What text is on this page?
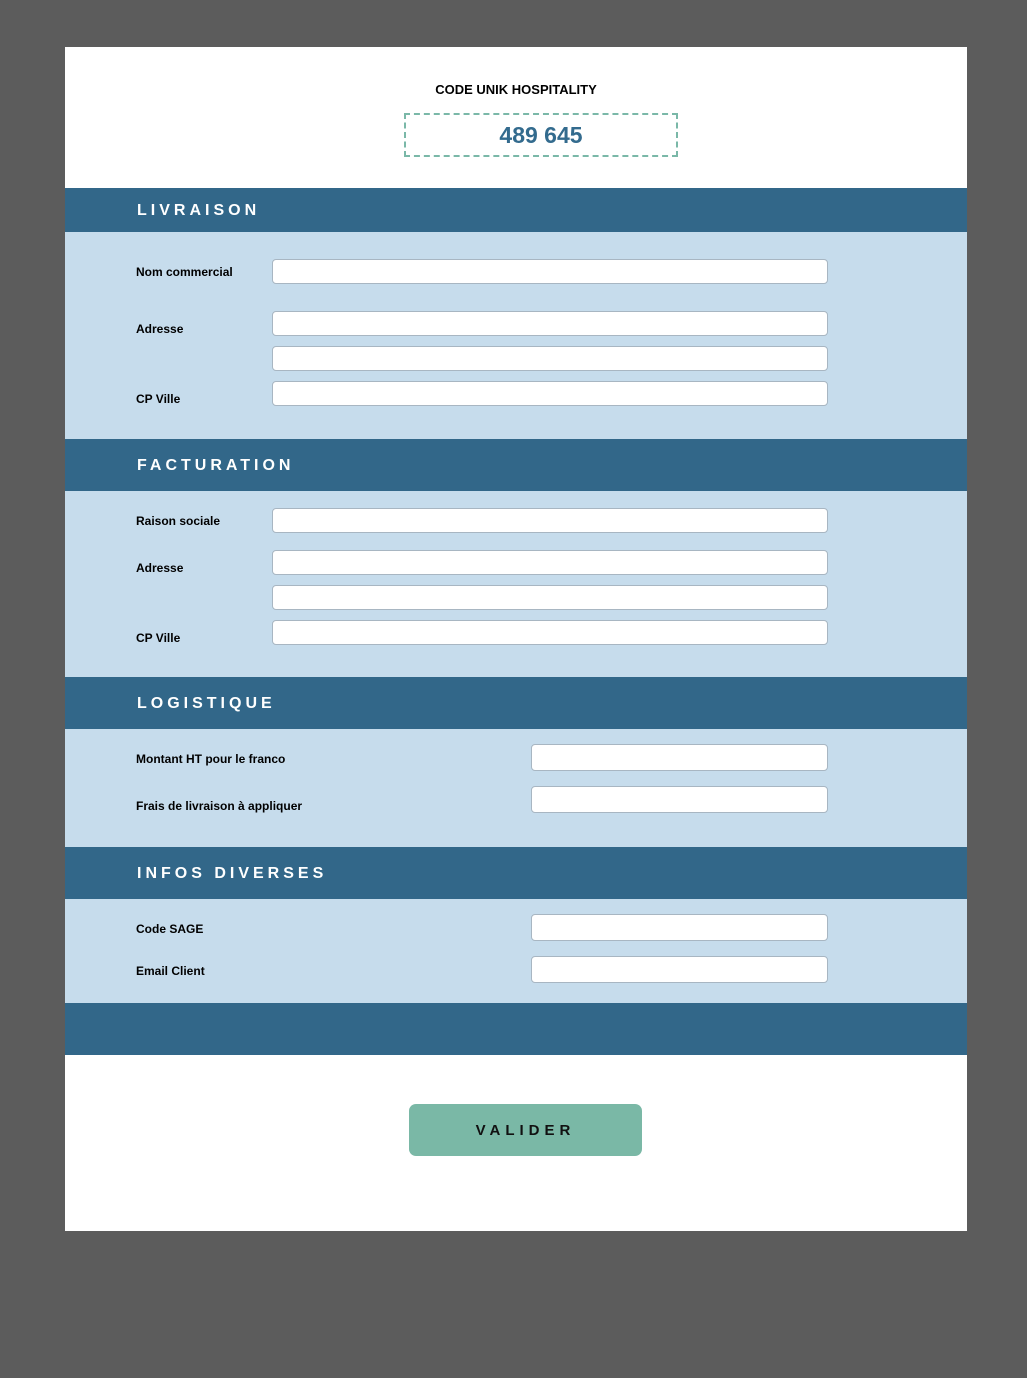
CODE UNIK HOSPITALITY
489 645
LIVRAISON
Nom commercial
Adresse
CP Ville
FACTURATION
Raison sociale
Adresse
CP Ville
LOGISTIQUE
Montant HT pour le franco
Frais de livraison à appliquer
INFOS DIVERSES
Code SAGE
Email Client
VALIDER
